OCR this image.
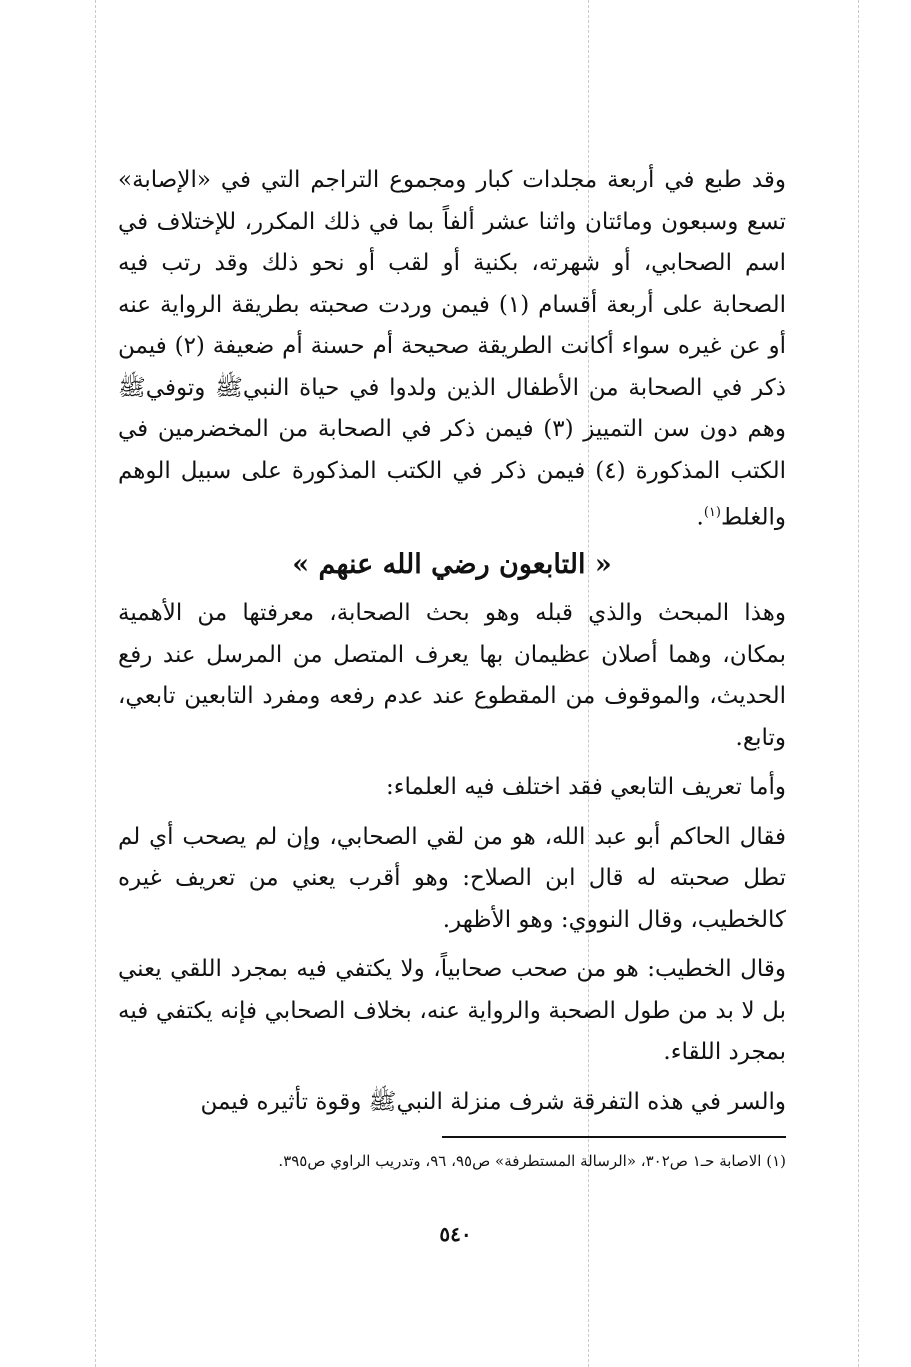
وقد طبع في أربعة مجلدات كبار ومجموع التراجم التي في «الإصابة» تسع وسبعون ومائتان واثنا عشر ألفاً بما في ذلك المكرر، للإختلاف في اسم الصحابي، أو شهرته، بكنية أو لقب أو نحو ذلك وقد رتب فيه الصحابة على أربعة أقسام (١) فيمن وردت صحبته بطريقة الرواية عنه أو عن غيره سواء أكانت الطريقة صحيحة أم حسنة أم ضعيفة (٢) فيمن ذكر في الصحابة من الأطفال الذين ولدوا في حياة النبيﷺ وتوفيﷺ وهم دون سن التمييز (٣) فيمن ذكر في الصحابة من المخضرمين في الكتب المذكورة (٤) فيمن ذكر في الكتب المذكورة على سبيل الوهم والغلط$^{(١)}$.

« التابعون رضي الله عنهم »

وهذا المبحث والذي قبله وهو بحث الصحابة، معرفتها من الأهمية بمكان، وهما أصلان عظيمان بها يعرف المتصل من المرسل عند رفع الحديث، والموقوف من المقطوع عند عدم رفعه ومفرد التابعين تابعي، وتابع.

وأما تعريف التابعي فقد اختلف فيه العلماء:

فقال الحاكم أبو عبد الله، هو من لقي الصحابي، وإن لم يصحب أي لم تطل صحبته له قال ابن الصلاح: وهو أقرب يعني من تعريف غيره كالخطيب، وقال النووي: وهو الأظهر.

وقال الخطيب: هو من صحب صحابياً، ولا يكتفي فيه بمجرد اللقي يعني بل لا بد من طول الصحبة والرواية عنه، بخلاف الصحابي فإنه يكتفي فيه بمجرد اللقاء.

والسر في هذه التفرقة شرف منزلة النبيﷺ وقوة تأثيره فيمن

(١) الاصابة حـ١ ص٣٠٢، «الرسالة المستطرفة» ص٩٥، ٩٦، وتدريب الراوي ص٣٩٥.
٥٤٠
